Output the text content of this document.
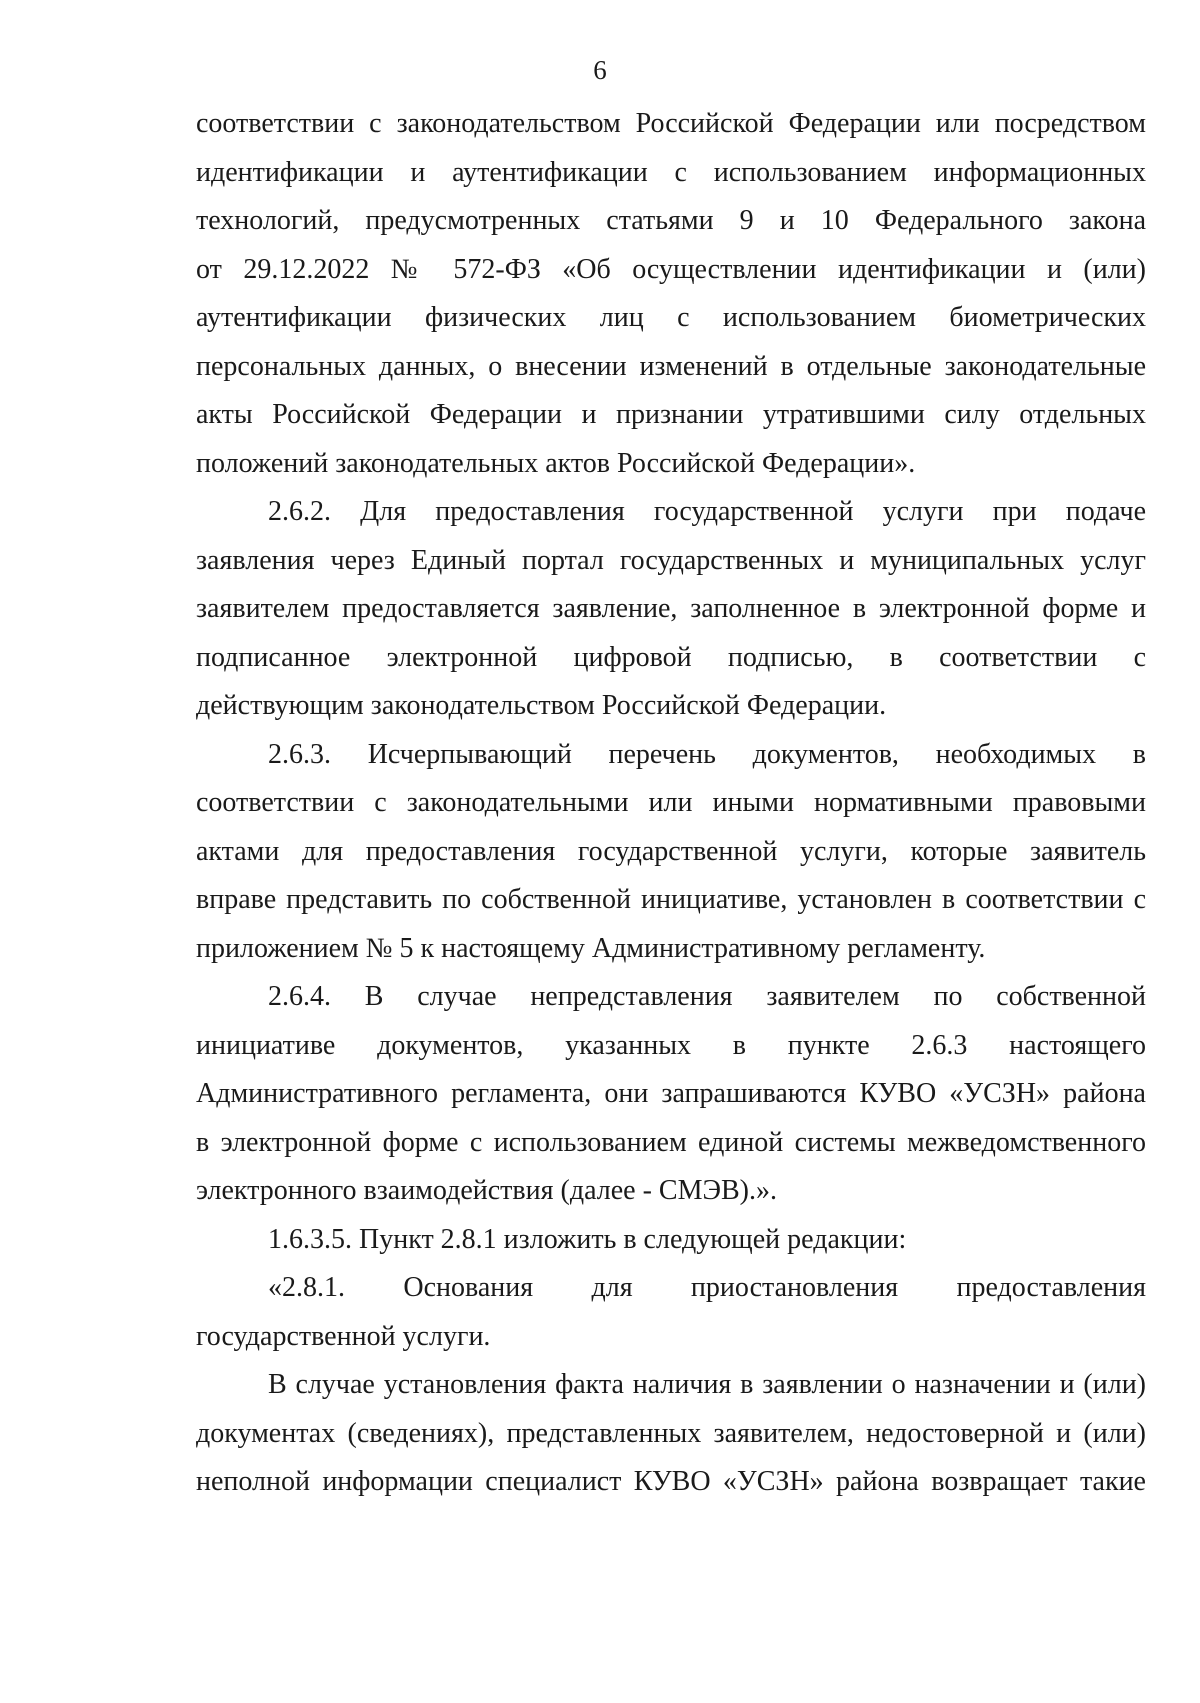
6
соответствии с законодательством Российской Федерации или посредством
идентификации и аутентификации с использованием информационных
технологий, предусмотренных статьями 9 и 10 Федерального закона
от 29.12.2022 № 572-ФЗ «Об осуществлении идентификации и (или)
аутентификации физических лиц с использованием биометрических
персональных данных, о внесении изменений в отдельные законодательные
акты Российской Федерации и признании утратившими силу отдельных
положений законодательных актов Российской Федерации».
2.6.2. Для предоставления государственной услуги при подаче
заявления через Единый портал государственных и муниципальных услуг
заявителем предоставляется заявление, заполненное в электронной форме и
подписанное электронной цифровой подписью, в соответствии с
действующим законодательством Российской Федерации.
2.6.3. Исчерпывающий перечень документов, необходимых в
соответствии с законодательными или иными нормативными правовыми
актами для предоставления государственной услуги, которые заявитель
вправе представить по собственной инициативе, установлен в соответствии с
приложением № 5 к настоящему Административному регламенту.
2.6.4. В случае непредставления заявителем по собственной
инициативе документов, указанных в пункте 2.6.3 настоящего
Административного регламента, они запрашиваются КУВО «УСЗН» района
в электронной форме с использованием единой системы межведомственного
электронного взаимодействия (далее - СМЭВ).».
1.6.3.5. Пункт 2.8.1 изложить в следующей редакции:
«2.8.1. Основания для приостановления предоставления
государственной услуги.
В случае установления факта наличия в заявлении о назначении и (или)
документах (сведениях), представленных заявителем, недостоверной и (или)
неполной информации специалист КУВО «УСЗН» района возвращает такие
